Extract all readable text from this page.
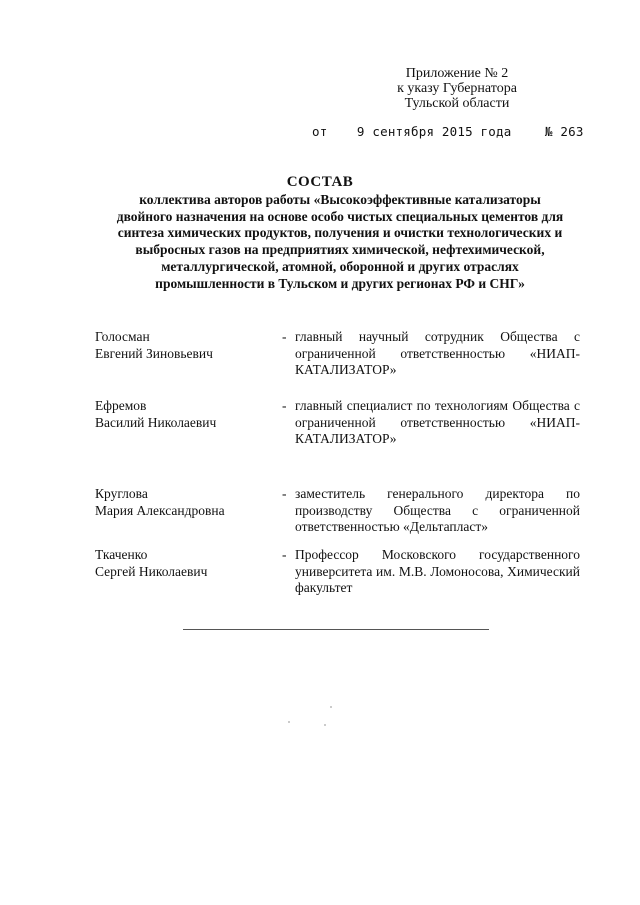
Приложение № 2
к указу Губернатора
Тульской области
от 9 сентября 2015 года	№ 263
СОСТАВ
коллектива авторов работы «Высокоэффективные катализаторы
двойного назначения на основе особо чистых специальных цементов для
синтеза химических продуктов, получения и очистки технологических и
выбросных газов на предприятиях химической, нефтехимической,
металлургической, атомной, оборонной и других отраслях
промышленности в Тульском и других регионах РФ и СНГ»
Голосман
Евгений Зиновьевич
- главный научный сотрудник Общества с ограниченной ответственностью «НИАП-КАТАЛИЗАТОР»
Ефремов
Василий Николаевич
- главный специалист по технологиям Общества с ограниченной ответственностью «НИАП-КАТАЛИЗАТОР»
Круглова
Мария Александровна
- заместитель генерального директора по производству Общества с ограниченной ответственностью «Дельтапласт»
Ткаченко
Сергей Николаевич
- Профессор Московского государственного университета им. М.В. Ломоносова, Химический факультет
